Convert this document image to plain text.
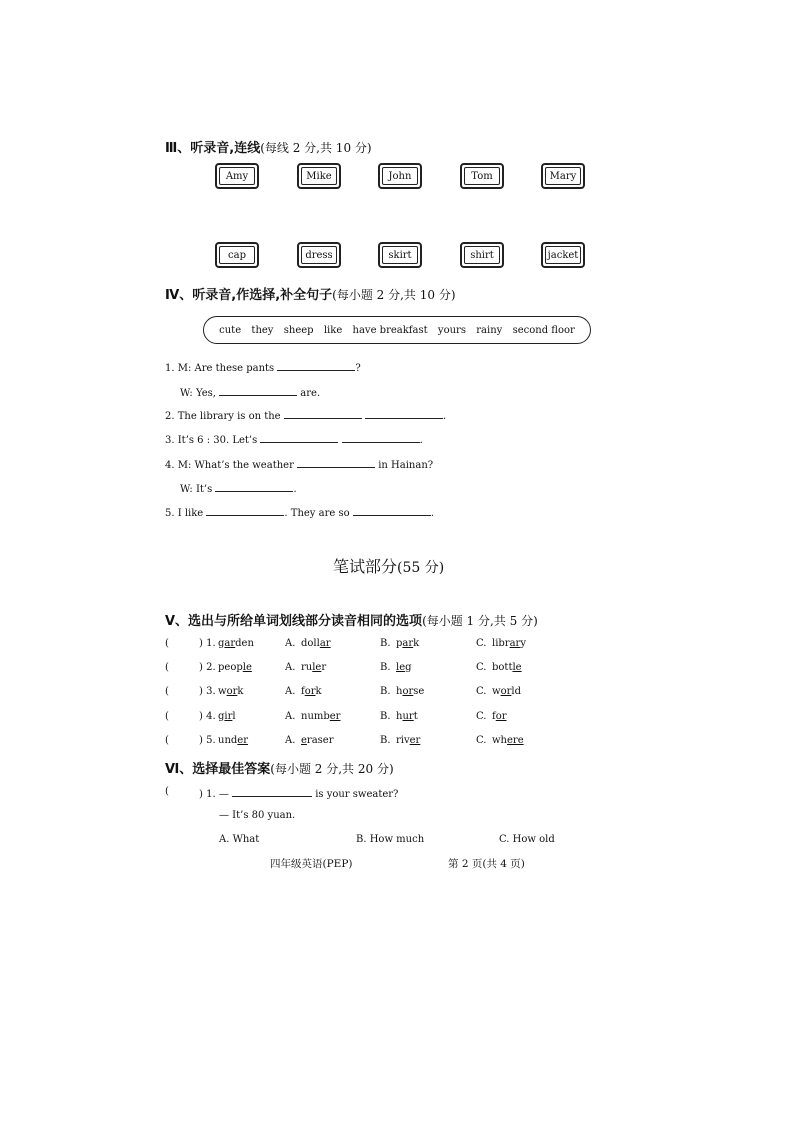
Ⅲ、听录音,连线(每线 2 分,共 10 分)
Amy	Mike	John	Tom	Mary
cap	dress	skirt	shirt	jacket
Ⅳ、听录音,作选择,补全句子(每小题 2 分,共 10 分)
cute they sheep like have breakfast yours rainy second floor
1. M: Are these pants	?
W: Yes,	are.
2. The library is on the	.
3. It’s 6 : 30. Let’s	.
4. M: What’s the weather	in Hainan?
W: It’s	.
5. I like	. They are so	.
笔试部分(55 分)
Ⅴ、选出与所给单词划线部分读音相同的选项(每小题 1 分,共 5 分)
(	) 1. garden	A. dollar	B. park	C. library
(	) 2. people	A. ruler	B. leg	C. bottle
(	) 3. work	A. fork	B. horse	C. world
(	) 4. girl	A. number	B. hurt	C. for
(	) 5. under	A. eraser	B. river	C. where
Ⅵ、选择最佳答案(每小题 2 分,共 20 分)
(	) 1. —	is your sweater?
— It’s 80 yuan.
A. What	B. How much	C. How old
四年级英语(PEP)	第 2 页(共 4 页)
